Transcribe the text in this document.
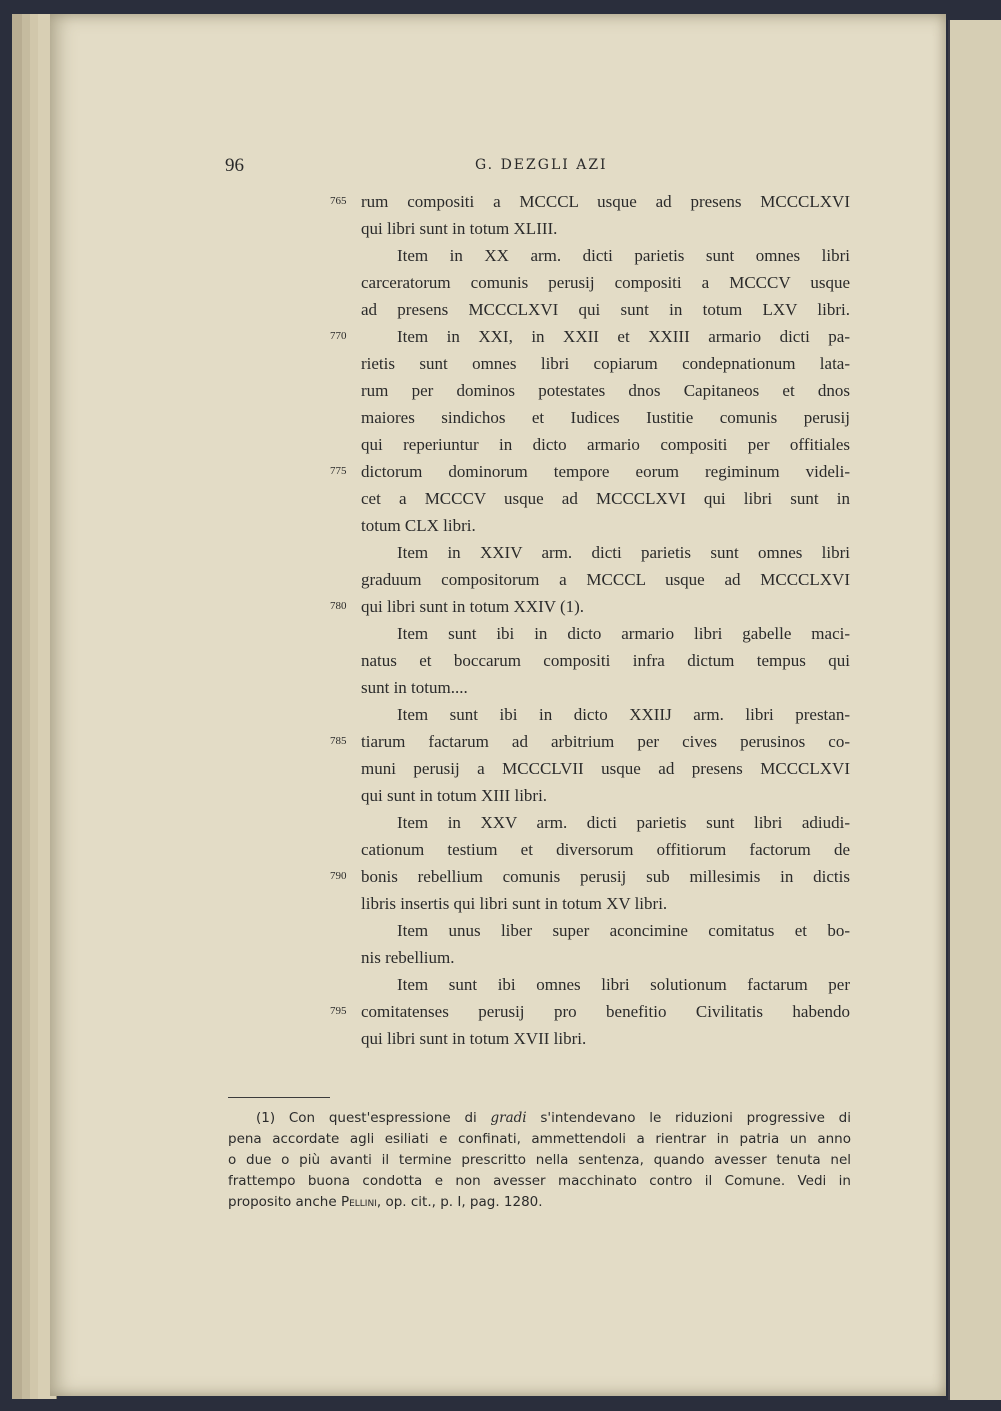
96	G. DEZGLI AZI
rum compositi a MCCCL usque ad presens MCCCLXVI
qui libri sunt in totum XLIII.
Item in XX arm. dicti parietis sunt omnes libri
carceratorum comunis perusij compositi a MCCCV usque
ad presens MCCCLXVI qui sunt in totum LXV libri.
Item in XXI, in XXII et XXIII armario dicti pa-
rietis sunt omnes libri copiarum condepnationum lata-
rum per dominos potestates dnos Capitaneos et dnos
maiores sindichos et Iudices Iustitie comunis perusij
qui reperiuntur in dicto armario compositi per offitiales
dictorum dominorum tempore eorum regiminum videli-
cet a MCCCV usque ad MCCCLXVI qui libri sunt in
totum CLX libri.
Item in XXIV arm. dicti parietis sunt omnes libri
graduum compositorum a MCCCL usque ad MCCCLXVI
qui libri sunt in totum XXIV (1).
Item sunt ibi in dicto armario libri gabelle maci-
natus et boccarum compositi infra dictum tempus qui
sunt in totum....
Item sunt ibi in dicto XXIIJ arm. libri prestan-
tiarum factarum ad arbitrium per cives perusinos co-
muni perusij a MCCCLVII usque ad presens MCCCLXVI
qui sunt in totum XIII libri.
Item in XXV arm. dicti parietis sunt libri adiudi-
cationum testium et diversorum offitiorum factorum de
bonis rebellium comunis perusij sub millesimis in dictis
libris insertis qui libri sunt in totum XV libri.
Item unus liber super aconcimine comitatus et bo-
nis rebellium.
Item sunt ibi omnes libri solutionum factarum per
comitatenses perusij pro benefitio Civilitatis habendo
qui libri sunt in totum XVII libri.
765
770
775
780
785
790
795
(1) Con quest'espressione di gradi s'intendevano le riduzioni progressive di
pena accordate agli esiliati e confinati, ammettendoli a rientrar in patria un anno
o due o più avanti il termine prescritto nella sentenza, quando avesser tenuta nel
frattempo buona condotta e non avesser macchinato contro il Comune. Vedi in
proposito anche Pellini, op. cit., p. I, pag. 1280.
